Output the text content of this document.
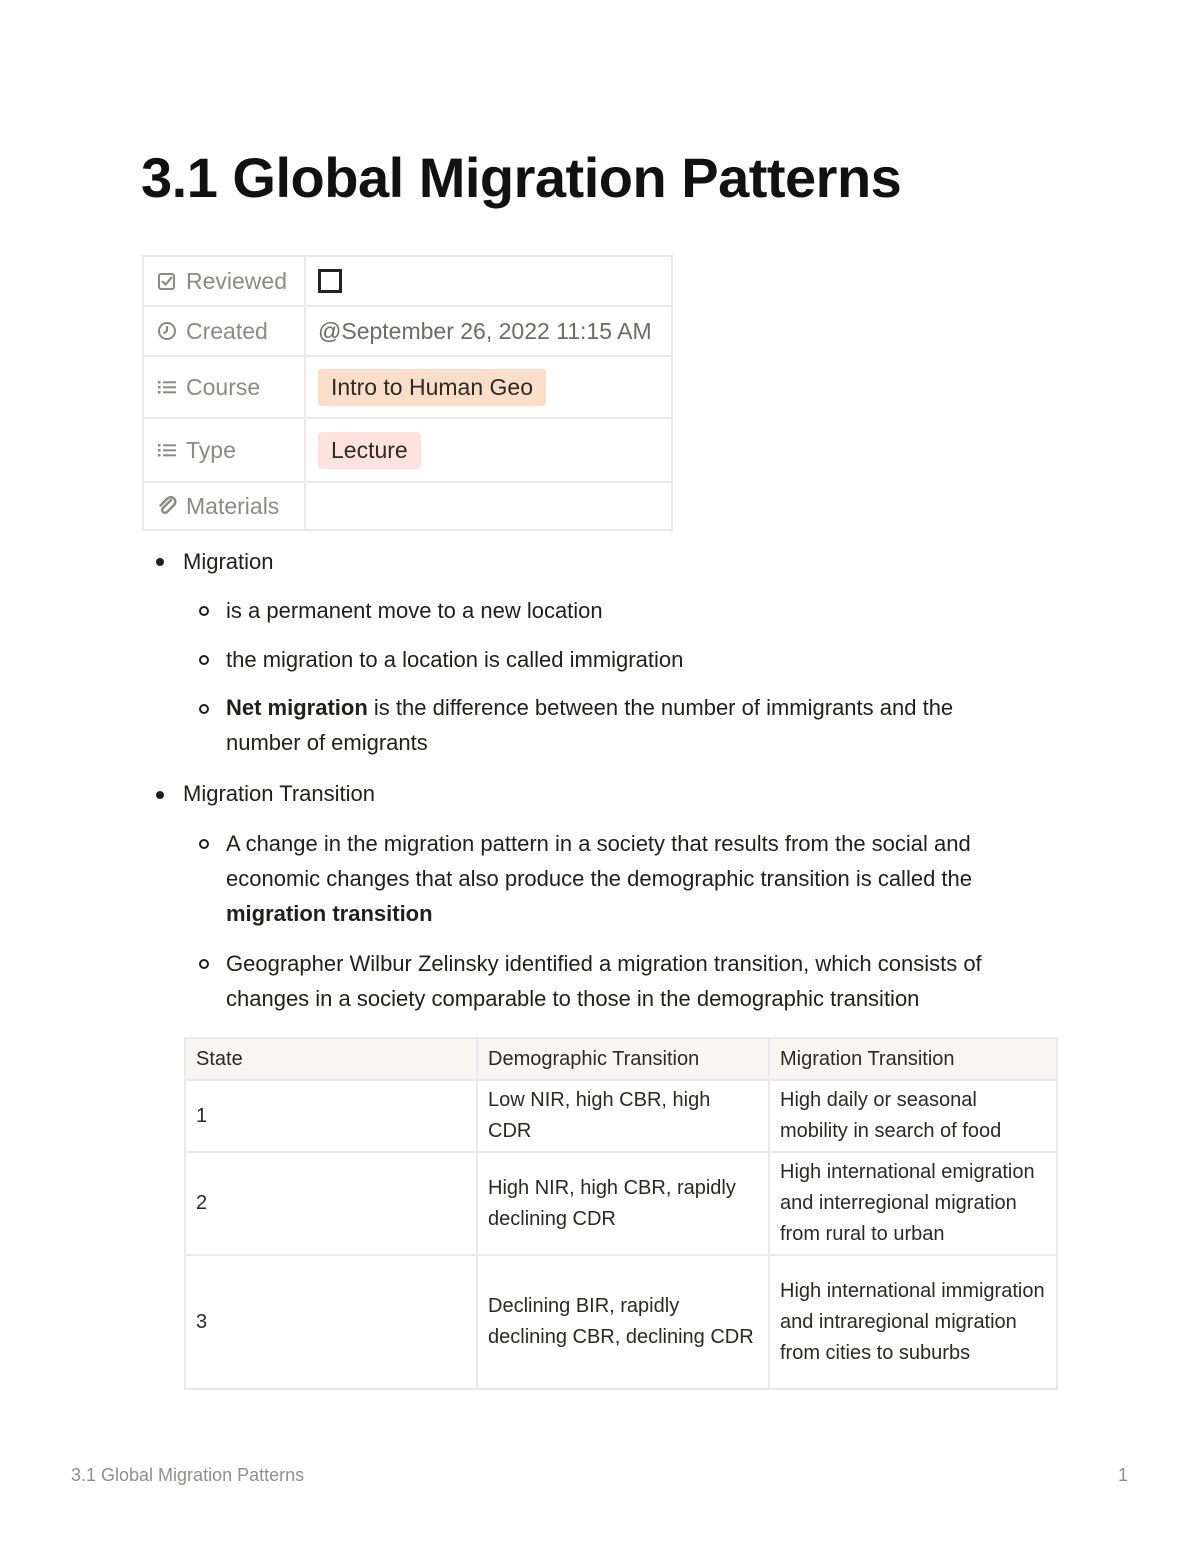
3.1 Global Migration Patterns
Reviewed	
Created	@September 26, 2022 11:15 AM
Course	Intro to Human Geo
Type	Lecture
Materials	
Migration
is a permanent move to a new location
the migration to a location is called immigration
Net migration is the difference between the number of immigrants and the number of emigrants
Migration Transition
A change in the migration pattern in a society that results from the social and economic changes that also produce the demographic transition is called the migration transition
Geographer Wilbur Zelinsky identified a migration transition, which consists of changes in a society comparable to those in the demographic transition
State	Demographic Transition	Migration Transition
1	Low NIR, high CBR, high CDR	High daily or seasonal mobility in search of food
2	High NIR, high CBR, rapidly declining CDR	High international emigration and interregional migration from rural to urban
3	Declining BIR, rapidly declining CBR, declining CDR	High international immigration and intraregional migration from cities to suburbs
3.1 Global Migration Patterns	1
